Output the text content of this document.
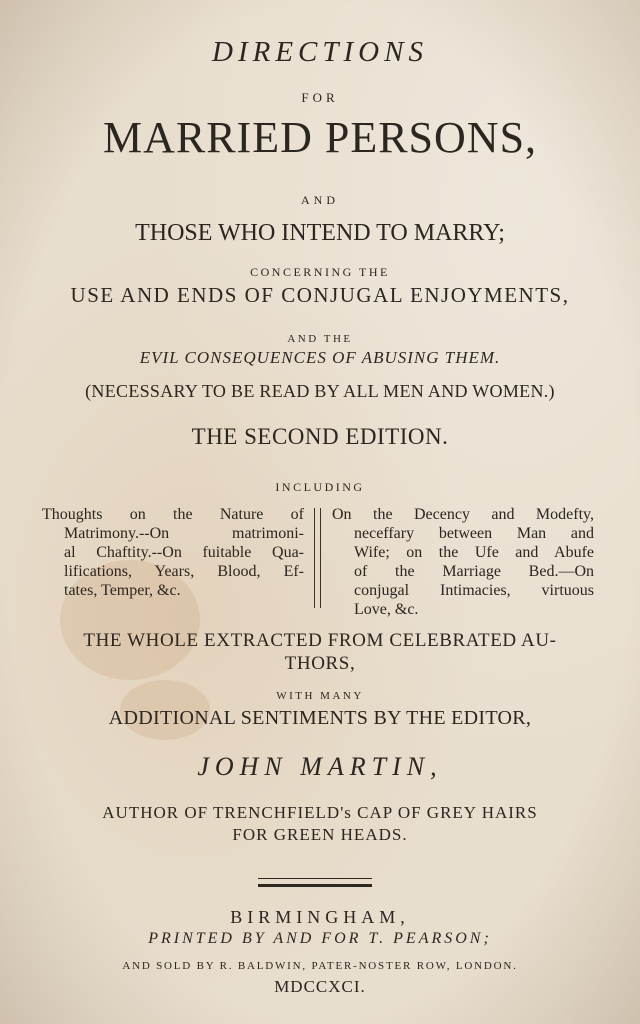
DIRECTIONS
FOR
MARRIED PERSONS,
AND
THOSE WHO INTEND TO MARRY;
CONCERNING THE
USE AND ENDS OF CONJUGAL ENJOYMENTS,
AND THE
EVIL CONSEQUENCES OF ABUSING THEM.
(NECESSARY TO BE READ BY ALL MEN AND WOMEN.)
THE SECOND EDITION.
INCLUDING
Thoughts on the Nature of
Matrimony.--On matrimoni-
al Chaftity.--On fuitable Qua-
lifications, Years, Blood, Ef-
tates, Temper, &c.
On the Decency and Modefty,
neceffary between Man and
Wife; on the Ufe and Abufe
of the Marriage Bed.—On
conjugal Intimacies, virtuous
Love, &c.
THE WHOLE EXTRACTED FROM CELEBRATED AU-
THORS,
WITH MANY
ADDITIONAL SENTIMENTS BY THE EDITOR,
JOHN MARTIN,
AUTHOR OF TRENCHFIELD's CAP OF GREY HAIRS
FOR GREEN HEADS.
BIRMINGHAM,
PRINTED BY AND FOR T. PEARSON;
AND SOLD BY R. BALDWIN, PATER-NOSTER ROW, LONDON.
MDCCXCI.
